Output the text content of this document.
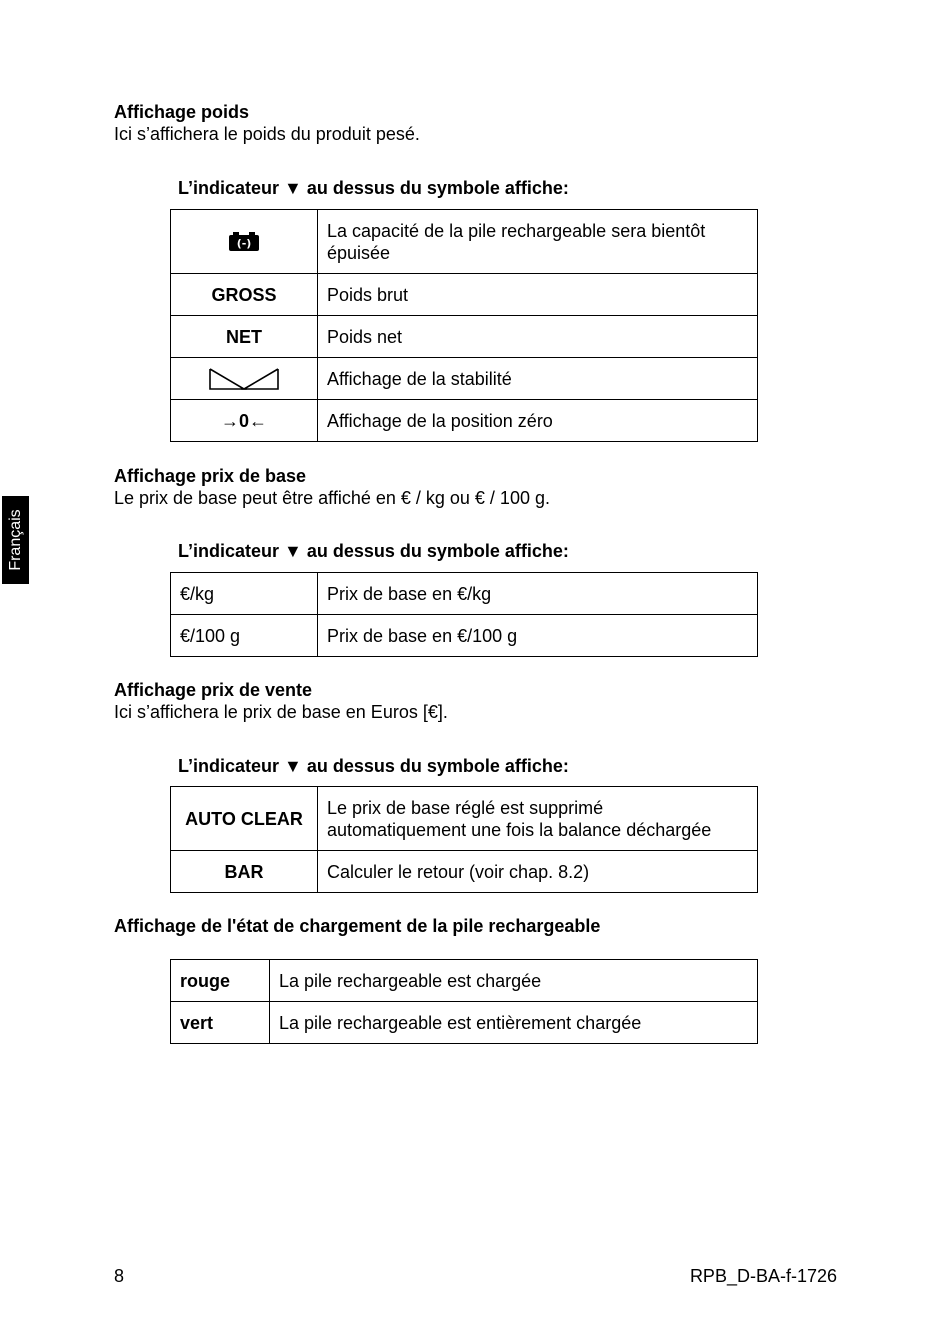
Français
Affichage poids
Ici s’affichera le poids du produit pesé.
L’indicateur ▼ au dessus du symbole affiche:
(-)	La capacité de la pile rechargeable sera bientôt épuisée
GROSS	Poids brut
NET	Poids net

	Affichage de la stabilité
→0←	Affichage de la position zéro
Affichage prix de base
Le prix de base peut être affiché en € / kg ou € / 100 g.
L’indicateur ▼ au dessus du symbole affiche:
€/kg	Prix de base en €/kg
€/100 g	Prix de base en €/100 g
Affichage prix de vente
Ici s’affichera le prix de base en Euros [€].
L’indicateur ▼ au dessus du symbole affiche:
AUTO CLEAR	Le prix de base réglé est supprimé
automatiquement une fois la balance déchargée

BAR	Calculer le retour (voir chap. 8.2)
Affichage de l'état de chargement de la pile rechargeable
rouge	La pile rechargeable est chargée
vert	La pile rechargeable est entièrement chargée
8	RPB_D-BA-f-1726
